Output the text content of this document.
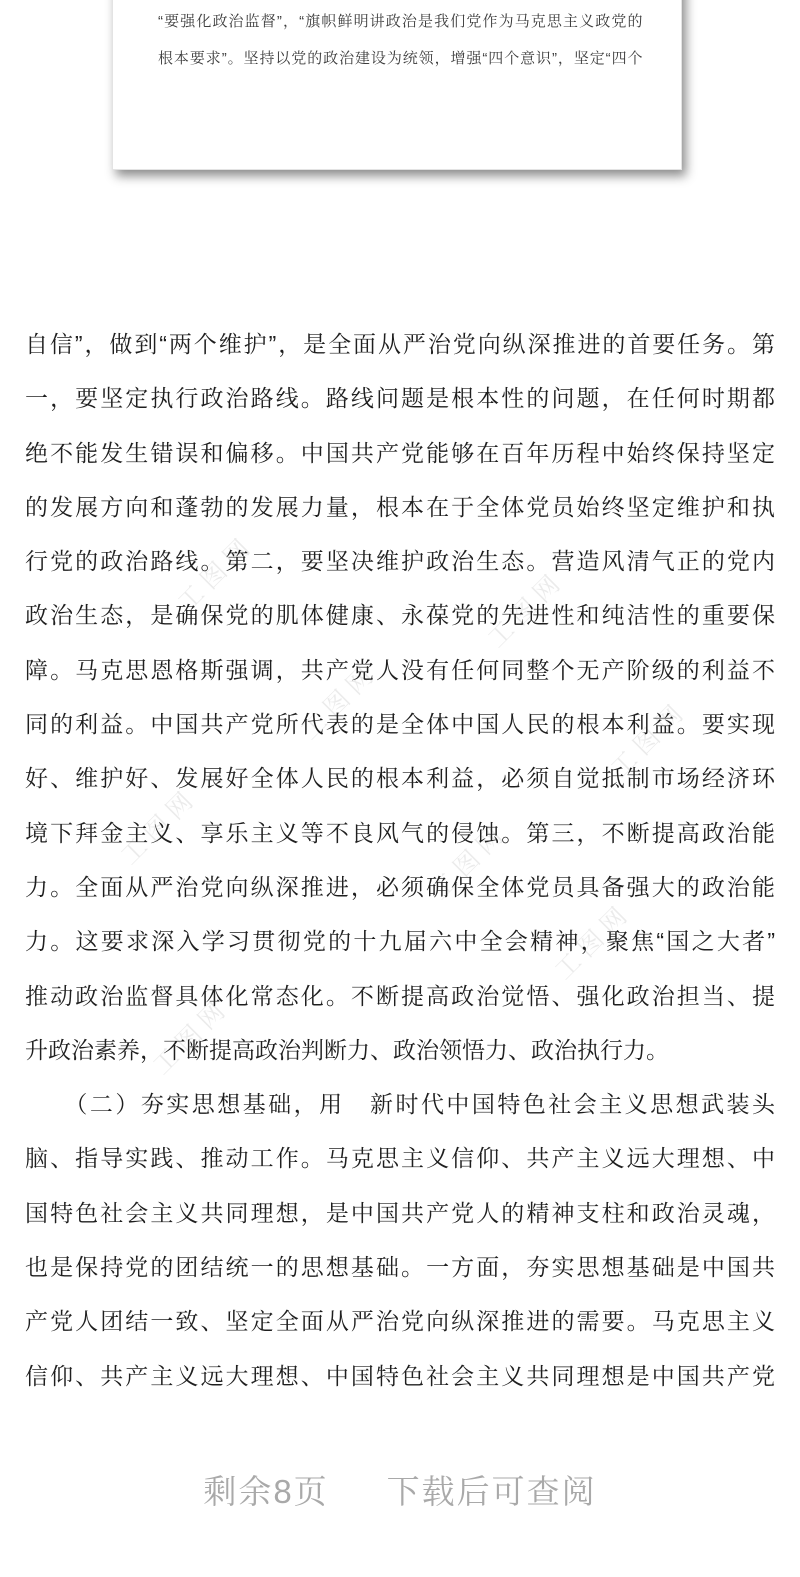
“要强化政治监督”，“旗帜鲜明讲政治是我们党作为马克思主义政党的
根本要求”。坚持以党的政治建设为统领，增强“四个意识”，坚定“四个
工图网	工图网
工图网	工图网
工图网	工图网
工图网
工图网
自信”，做到“两个维护”，是全面从严治党向纵深推进的首要任务。第
一，要坚定执行政治路线。路线问题是根本性的问题，在任何时期都
绝不能发生错误和偏移。中国共产党能够在百年历程中始终保持坚定
的发展方向和蓬勃的发展力量，根本在于全体党员始终坚定维护和执
行党的政治路线。第二，要坚决维护政治生态。营造风清气正的党内
政治生态，是确保党的肌体健康、永葆党的先进性和纯洁性的重要保
障。马克思恩格斯强调，共产党人没有任何同整个无产阶级的利益不
同的利益。中国共产党所代表的是全体中国人民的根本利益。要实现
好、维护好、发展好全体人民的根本利益，必须自觉抵制市场经济环
境下拜金主义、享乐主义等不良风气的侵蚀。第三，不断提高政治能
力。全面从严治党向纵深推进，必须确保全体党员具备强大的政治能
力。这要求深入学习贯彻党的十九届六中全会精神，聚焦“国之大者”
推动政治监督具体化常态化。不断提高政治觉悟、强化政治担当、提
升政治素养，不断提高政治判断力、政治领悟力、政治执行力。
　　（二）夯实思想基础，用　新时代中国特色社会主义思想武装头
脑、指导实践、推动工作。马克思主义信仰、共产主义远大理想、中
国特色社会主义共同理想，是中国共产党人的精神支柱和政治灵魂，
也是保持党的团结统一的思想基础。一方面，夯实思想基础是中国共
产党人团结一致、坚定全面从严治党向纵深推进的需要。马克思主义
信仰、共产主义远大理想、中国特色社会主义共同理想是中国共产党
剩余8页 下载后可查阅
